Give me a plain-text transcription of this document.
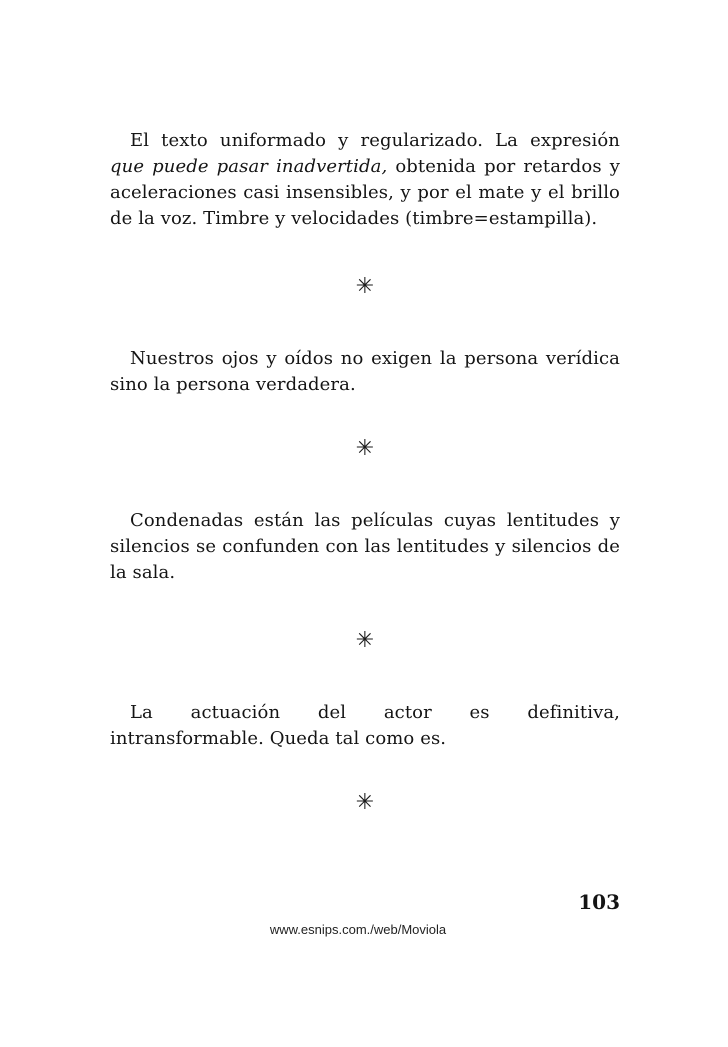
El texto uniformado y regularizado. La expresión que puede pasar inadvertida, obtenida por retardos y aceleraciones casi insensibles, y por el mate y el brillo de la voz. Timbre y velocidades (timbre=estampilla).

✳

Nuestros ojos y oídos no exigen la persona verídica sino la persona verdadera.

✳

Condenadas están las películas cuyas lentitudes y silencios se confunden con las lentitudes y silencios de la sala.

✳

La actuación del actor es definitiva, intransformable. Queda tal como es.

✳
103
www.esnips.com./web/Moviola
